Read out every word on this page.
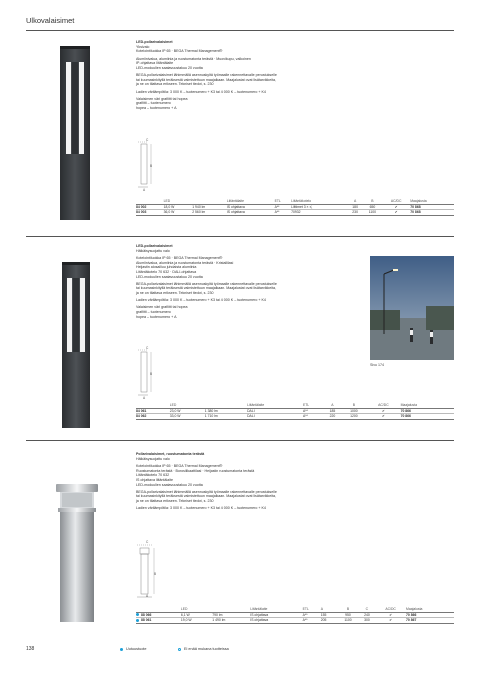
Ulkovalaisimet

LED-pollarivalaisimet

Yksivalo

Kotelointiluokka IP 65 · BEGA Thermal Management®

Alumiinivalua, alumiinia ja ruostumatonta terästä · Muovikupu, valkoinen

IP-ohjattava liitäntälaite

LED-moduulien saatavuustakuu 20 vuotta

BEGA-pollarivalaisimet lähimmällä asennuskyltä työmaalle rakennettavalle perustukselle

tai kuumasinkityllä teräksestä valmistettuun maajalkaan. Maajalustat ovat lisätarvikkeita,

ja ne on tilattava erikseen. Tekniset tiedot, s. 230

Ladien värilämpötila: 3 000 K – tuotenumero + K3 tai 4 000 K – tuotenumero + K4

Valaisimen väri grafiitti tai hopea

grafiitti – tuotenumero

hopea – tuotenumero + A

C
B
A
	LED		Liitäntälaite	ETL	Liitäntäkotelo	A	B	AC/DC	Maajalusta
84 002	18,0 W	1 940 lm	IS ohjattava	A**	Lilttimet 3 × ³⁄₁	180	650	✔	70 868
84 003	36,0 W	2 560 lm	IS ohjattava	A**	70932	230	1100	✔	70 868

LED-pollarivalaisimet

Häikäisysuojattu valo

Kotelointiluokka IP 65 · BEGA Thermal Management®

Alumiinivalua, alumiinia ja ruostumatonta terästä · Kristallilasi

Heijastin alosailiuu juhdaista alumiinia

Liitäntäkotelo 70 632 · DALI-ohjattava

LED-moduulien saatavuustakuu 20 vuotta

BEGA-pollarivalaisimet lähimmällä asennuskyltä työmaalle rakennettavalle perustukselle

tai kuumasinkityllä teräksestä valmistettuun maajalkaan. Maajalustat ovat lisätarvikkeita,

ja ne on tilattava erikseen. Tekniset tiedot, s. 230

Ladien värilämpötila: 3 000 K – tuotenumero + K3 tai 4 000 K – tuotenumero + K4

Valaisimen väri grafiitti tai hopea

grafiitti – tuotenumero

hopea – tuotenumero + A

Sivu 174
C
B
A
	LED		Liitäntälaite	ETL		A	B	AC/DC	Maajalusta
84 061	23,0 W	1 380 lm	DALI	A**		185	1000	✔	70 866
84 062	33,0 W	1 710 lm	DALI	A**		220	1200	✔	70 866

Pollarivalaisimet, ruostumatonta terästä

Häikäisysuojattu valo

Kotelointiluokka IP 65 · BEGA Thermal Management®

Ruostumatonta terästä · Borosilikaattilasi · Heijastin ruostumatonta terästä

Liitäntäkotelo 70 632

IS ohjattava liitäntälaite

LED-moduulien saatavuustakuu 20 vuotta

BEGA-pollarivalaisimet lähimmällä asennuskyltä työmaalle rakennettavalle perustukselle

tai kuumasinkityllä teräksestä valmistettuun maajalkaan. Maajalustat ovat lisätarvikkeita,

ja ne on tilattava erikseen. Tekniset tiedot, s. 230

Ladien värilämpötila: 3 000 K – tuotenumero + K3 tai 4 000 K – tuotenumero + K4

C
B
A
	LED		Liitäntälaite	ETL		A	B	C	AC/DC	Maajalusta
88 066	6,1 W	790 lm	IS ohjattava	A**		155	950	240	✔	70 866
88 061	19,0 W	1 490 lm	IS ohjattava	A**		205	1100	300	✔	70 867
138	Uutuustuote	Ei enää mukana tuotteissa
